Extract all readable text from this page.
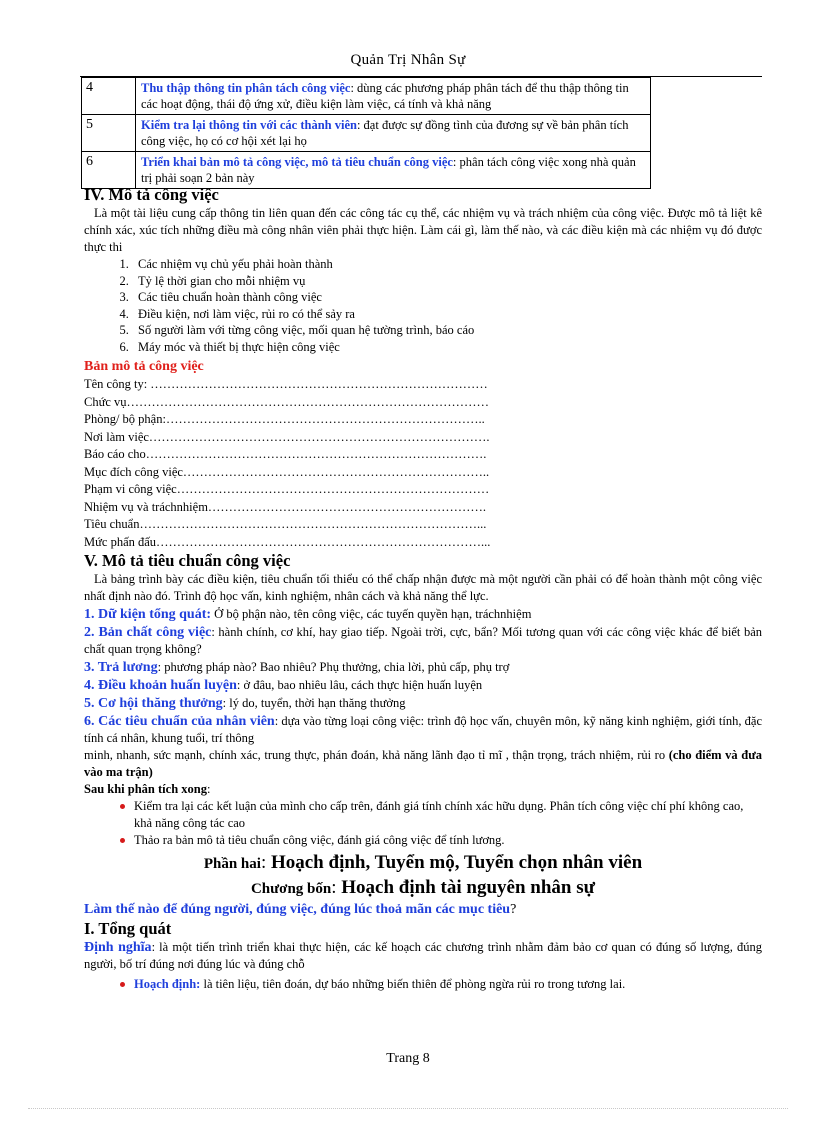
Quản Trị Nhân Sự
4	Thu thập thông tin phân tách công việc: dùng các phương pháp phân tách để thu thập thông tin các hoạt động, thái độ ứng xử, điều kiện làm việc, cá tính và khả năng
5	Kiểm tra lại thông tin với các thành viên: đạt được sự đồng tình của đương sự về bản phân tích công việc, họ có cơ hội xét lại họ
6	Triển khai bản mô tả công việc, mô tả tiêu chuẩn công việc: phân tách công việc xong nhà quản trị phải soạn 2 bản này
IV. Mô tả công việc

Là một tài liệu cung cấp thông tin liên quan đến các công tác cụ thể, các nhiệm vụ và trách nhiệm của công việc. Được mô tả liệt kê chính xác, xúc tích những điều mà công nhân viên phải thực hiện. Làm cái gì, làm thế nào, và các điều kiện mà các nhiệm vụ đó được thực thi

1. Các nhiệm vụ chủ yếu phải hoàn thành
2. Tỷ lệ thời gian cho mỗi nhiệm vụ
3. Các tiêu chuẩn hoàn thành công việc
4. Điều kiện, nơi làm việc, rủi ro có thể sảy ra
5. Số người làm với từng công việc, mối quan hệ tường trình, báo cáo
6. Máy móc và thiết bị thực hiện công việc
Bản mô tả công việc
Tên công ty: ………………………………………………………………………
Chức vụ……………………………………………………………………………
Phòng/ bộ phận:…………………………………………………………………..
Nơi làm việc……………………………………………………………………….
Báo cáo cho……………………………………………………………………….
Mục đích công việc………………………………………………………………..
Phạm vi công việc…………………………………………………………………
Nhiệm vụ và tráchnhiệm………………………………………………………….
Tiêu chuẩn………………………………………………………………………...
Mức phấn đấu……………………………………………………………………...
V. Mô tả tiêu chuẩn công việc

Là bảng trình bày các điều kiện, tiêu chuẩn tối thiểu có thể chấp nhận được mà một người cần phải có để hoàn thành một công việc nhất định nào đó. Trình độ học vấn, kinh nghiệm, nhân cách và khả năng thể lực.

1. Dữ kiện tổng quát: Ở bộ phận nào, tên công việc, các tuyến quyền hạn, tráchnhiệm

2. Bản chất công việc: hành chính, cơ khí, hay giao tiếp. Ngoài trời, cực, bẩn? Mối tương quan với các công việc khác để biết bản chất quan trọng không?

3. Trả lương: phương pháp nào? Bao nhiêu? Phụ thưởng, chia lời, phủ cấp, phụ trợ

4. Điều khoản huấn luyện: ở đâu, bao nhiêu lâu, cách thực hiện huấn luyện

5. Cơ hội thăng thưởng: lý do, tuyển, thời hạn thăng thưởng

6. Các tiêu chuẩn của nhân viên: dựa vào từng loại công việc: trình độ học vấn, chuyên môn, kỹ năng kinh nghiệm, giới tính, đặc tính cá nhân, khung tuổi, trí thông

minh, nhanh, sức mạnh, chính xác, trung thực, phán đoán, khả năng lãnh đạo tỉ mĩ , thận trọng, trách nhiệm, rủi ro (cho điểm và đưa vào ma trận)

Sau khi phân tích xong:

Kiểm tra lại các kết luận của mình cho cấp trên, đánh giá tính chính xác hữu dụng. Phân tích công việc chí phí không cao, khả năng công tác cao
Thảo ra bản mô tả tiêu chuẩn công việc, đánh giá công việc để tính lương.
Phần hai: Hoạch định, Tuyển mộ, Tuyển chọn nhân viên
Chương bốn: Hoạch định tài nguyên nhân sự
Làm thế nào để đúng người, đúng việc, đúng lúc thoả mãn các mục tiêu?
I. Tổng quát

Định nghĩa: là một tiến trình triển khai thực hiện, các kế hoạch các chương trình nhằm đảm bảo cơ quan có đúng số lượng, đúng người, bố trí đúng nơi đúng lúc và đúng chỗ

Hoạch định: là tiên liệu, tiên đoán, dự báo những biến thiên để phòng ngừa rủi ro trong tương lai.
Trang 8
